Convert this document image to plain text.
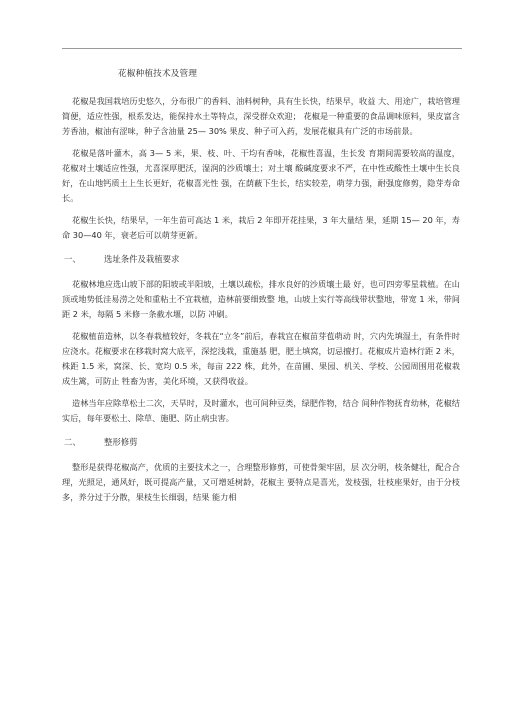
花椒种植技术及管理

花椒是我国栽培历史悠久，分布很广的香料、油料树种，具有生长快，结果早，收益 大、用途广，栽培管理简便，适应性强，根系发达，能保持水土等特点，深受群众欢迎； 花椒是一种重要的食品调味原料，果皮富含芳香油，椒油有涩味，种子含油量 25— 30% 果皮、种子可入药，发展花椒具有广泛的市场前景。

花椒是落叶灌木，高 3— 5 米，果、枝、叶、干均有香味，花椒性喜温，生长发 育期间需要较高的温度，花椒对土壤适应性强，尤喜深厚肥沃，湿润的沙质壤土；对土壤 酸碱度要求不严，在中性或酸性土壤中生长良好，在山地钙质土上生长更好，花椒喜光性 强，在荫蔽下生长，结实较差，萌芽力强，耐强度修剪，隐芽寿命长。

花椒生长快，结果早，一年生苗可高达 1 米，栽后 2 年即开花挂果，3 年大量结 果，延期 15— 20 年，寿命 30—40 年，衰老后可以萌芽更新。

一、	选址条件及栽植要求

花椒林地应选山坡下部的阳坡或半阳坡，土壤以疏松，排水良好的沙质壤土最 好，也可四旁零星栽植。在山顶或地势低洼易涝之处和重粘土不宜栽植，造林前要细致整 地，山坡上实行等高线带状整地，带宽 1 米，带间距 2 米，每隔 5 米修一条截水堰，以防 冲刷。

花椒植苗造林，以冬春栽植较好，冬栽在“立冬”前后，春栽宜在椒苗芽苞萌动 时，穴内先填湿土，有条件时应浇水。花椒要求在移栽时窝大底平，深挖浅栽，重施基 肥，肥土填窝，切忌擅打。花椒成片造林行距 2 米，株距 1.5 米，窝深、长、宽均 0.5 米，每亩 222 株，此外，在苗圃、果园、机关、学校、公园周围用花椒栽成生篱，可防止 牲畜为害，美化环境，又获得收益。

造林当年应除草松土二次，天旱时，及时灌水，也可间种豆类，绿肥作物，结合 间种作物抚育幼林，花椒结实后，每年要松土、除草、施肥、防止病虫害。

二、	整形修剪

整形是获得花椒高产，优质的主要技术之一，合理整形修剪，可使骨架牢固，层 次分明，枝条健壮，配合合理，光照足，通风好，既可提高产量，又可增延树龄，花椒主 要特点是喜光，发枝强，壮枝座果好，由于分枝多，养分过于分散，果枝生长细弱，结果 能力相
